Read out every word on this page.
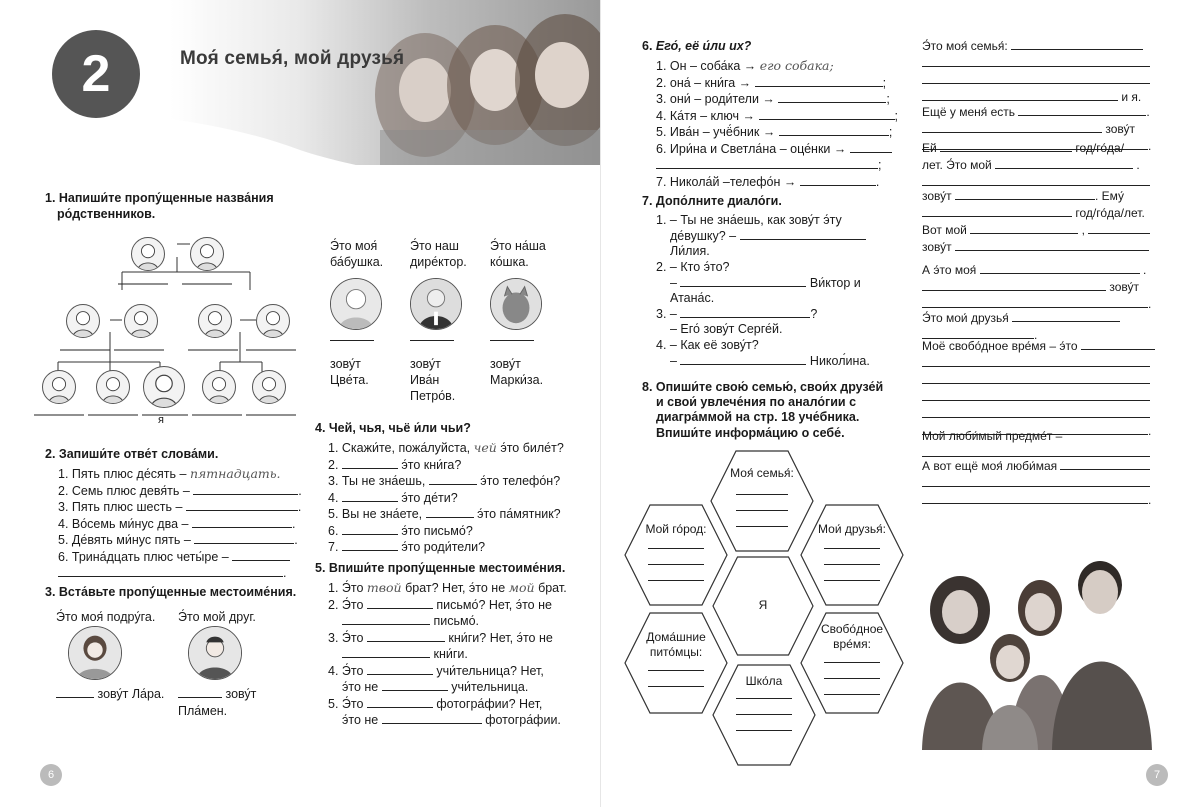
2	Моя́ семья́, мой друзья́
1. Напиши́те пропу́щенные назва́ния
ро́дственников.
я
Э́то моя́
ба́бушка.
Э́то наш
дире́ктор.
Э́то на́ша
ко́шка.
зову́т
Цве́та.
зову́т
Ива́н
Петро́в.
зову́т
Марки́за.
2. Запиши́те отве́т слова́ми.
1. Пять плюс де́сять – пятнадцать.
2. Семь плюс девя́ть –	.
3. Пять плюс шесть –	.
4. Во́семь ми́нус два –	.
5. Де́вять ми́нус пять –	.
6. Трина́дцать плюс четы́ре –
.
3. Вста́вьте пропу́щенные местоиме́ния.
Э́то моя́ подру́га. Э́то мой друг.
зову́т Ла́ра.	зову́т
Пла́мен.
4. Чей, чья, чьё и́ли чьи?
1. Скажи́те, пожа́луйста, чей э́то биле́т?
2.	э́то кни́га?
3. Ты не зна́ешь,	э́то телефо́н?
4.	э́то де́ти?
5. Вы не зна́ете,	э́то па́мятник?
6.	э́то письмо́?
7.	э́то роди́тели?
5. Впиши́те пропу́щенные местоиме́ния.
1. Э́то твой брат? Нет, э́то не мой брат.
2. Э́то	письмо́? Нет, э́то не
письмо́.
3. Э́то	кни́ги? Нет, э́то не
кни́ги.
4. Э́то	учи́тельница? Нет,
э́то не	учи́тельница.
5. Э́то	фотогра́фии? Нет,
э́то не	фотогра́фии.
6
6. Его́, её и́ли их?
1. Он – соба́ка → его собака;
2. она́ – кни́га →	;
3. они́ – роди́тели →	;
4. Ка́тя – ключ →	;
5. Ива́н – учё́бник →	;
6. Ири́на и Светла́на – оце́нки →
;
7. Никола́й –телефо́н →	.
7. Допо́лните диало́ги.
1. – Ты не зна́ешь, как зову́т э́ту
де́вушку? –
Ли́лия.
2. – Кто э́то?
–	Ви́ктор и
Атана́с.
3. –	?
– Его́ зову́т Серге́й.
4. – Как её зову́т?
–	Никол́ина.
8. Опиши́те свою́ семью́, свои́х друзе́й
и свои́ увлече́ния по анало́гии с
диагра́ммой на стр. 18 уче́бника.
Впиши́те информа́цию о себе́.
Моя́ семья́:
Мой го́род:	Мои́ друзья́:
Я
Дома́шние
пито́мцы:
Свобо́дное
вре́мя:
Шко́ла
Э́то моя́ семья́:
и я.
Ещё у меня́ есть	.
зову́т
.
Ей	год/го́да/
лет. Э́то мой	.
зову́т	. Ему́
год/го́да/лет.
Вот мой	,
зову́т
А э́то моя́	.
зову́т
.
Э́то мои́ друзья́
.
Моё свобо́дное вре́мя – э́то
.
Мой люби́мый предме́т –
А вот ещё моя́ люби́мая
.
7
